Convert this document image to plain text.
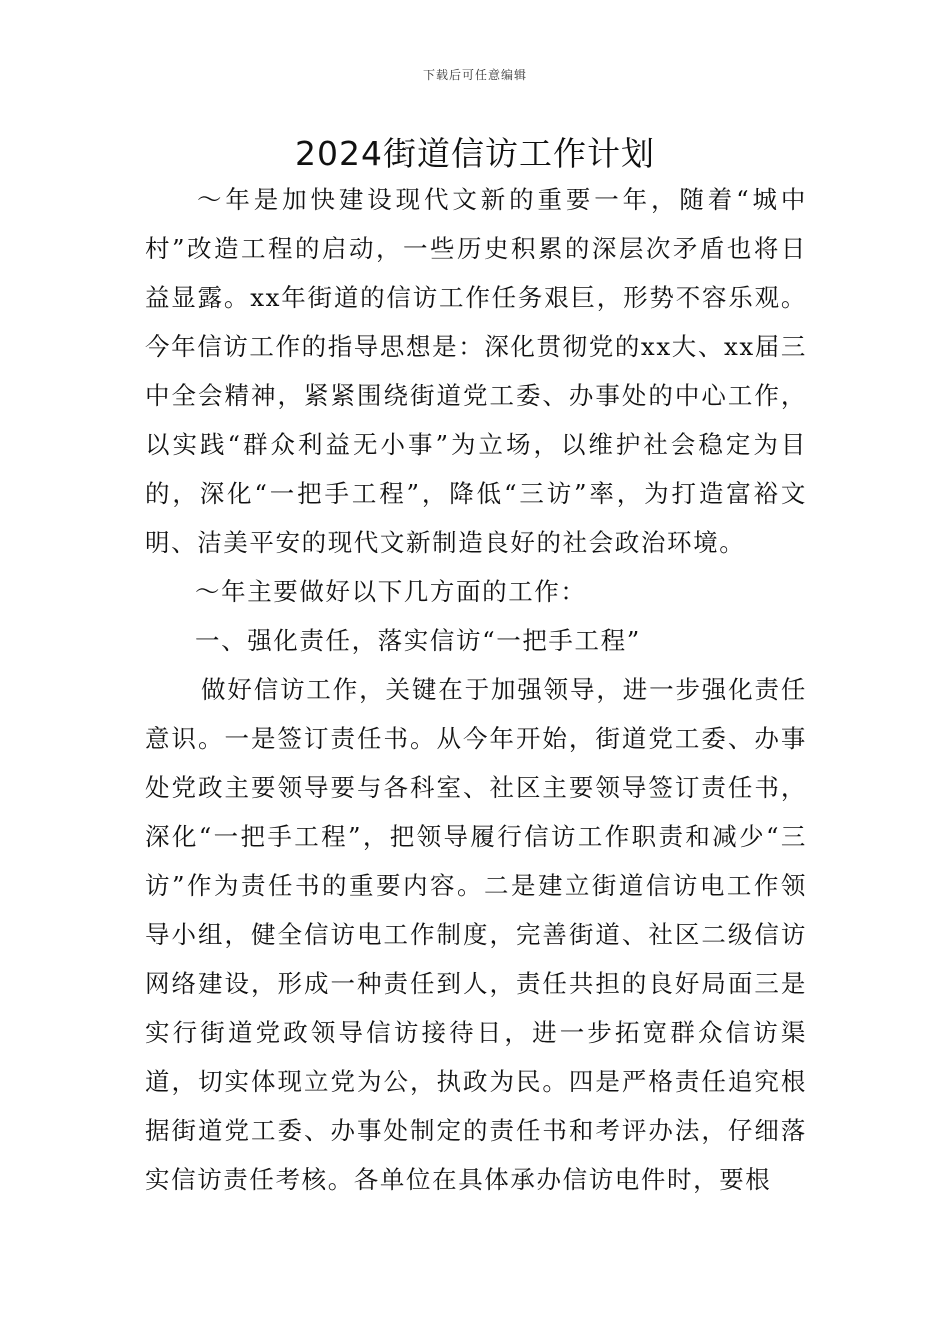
下载后可任意编辑
2024街道信访工作计划

～年是加快建设现代文新的重要一年，随着“城中村”改造工程的启动，一些历史积累的深层次矛盾也将日益显露。xx年街道的信访工作任务艰巨，形势不容乐观。今年信访工作的指导思想是：深化贯彻党的xx大、xx届三中全会精神，紧紧围绕街道党工委、办事处的中心工作，以实践“群众利益无小事”为立场，以维护社会稳定为目的，深化“一把手工程”，降低“三访”率，为打造富裕文明、洁美平安的现代文新制造良好的社会政治环境。

～年主要做好以下几方面的工作：

一、强化责任，落实信访“一把手工程”

做好信访工作，关键在于加强领导，进一步强化责任意识。一是签订责任书。从今年开始，街道党工委、办事处党政主要领导要与各科室、社区主要领导签订责任书，深化“一把手工程”，把领导履行信访工作职责和减少“三访”作为责任书的重要内容。二是建立街道信访电工作领导小组，健全信访电工作制度，完善街道、社区二级信访网络建设，形成一种责任到人，责任共担的良好局面三是实行街道党政领导信访接待日，进一步拓宽群众信访渠道，切实体现立党为公，执政为民。四是严格责任追究根据街道党工委、办事处制定的责任书和考评办法，仔细落实信访责任考核。各单位在具体承办信访电件时，要根
